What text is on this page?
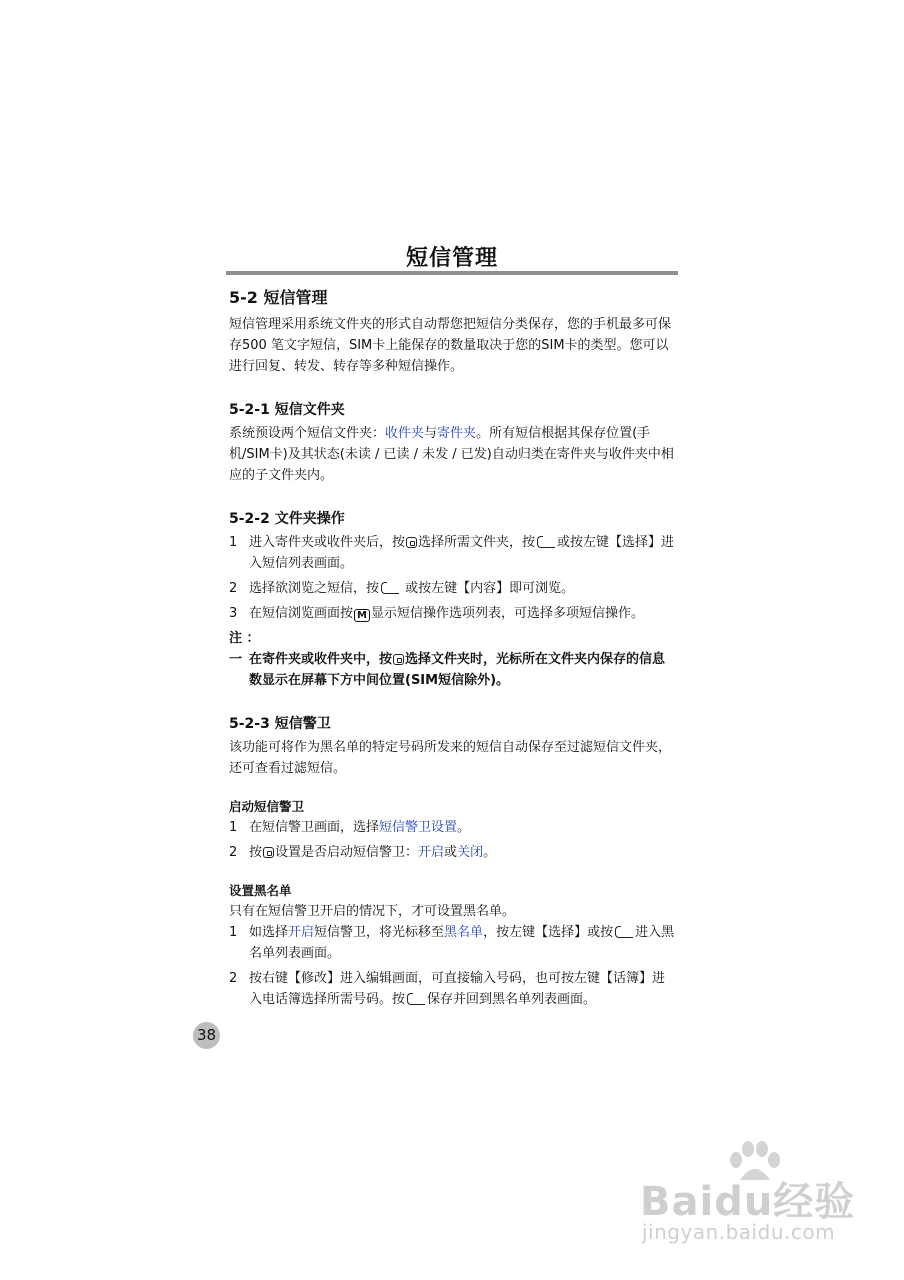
短信管理
5-2 短信管理

短信管理采用系统文件夹的形式自动帮您把短信分类保存，您的手机最多可保存500 笔文字短信，SIM卡上能保存的数量取决于您的SIM卡的类型。您可以进行回复、转发、转存等多种短信操作。

5-2-1 短信文件夹

系统预设两个短信文件夹：收件夹与寄件夹。所有短信根据其保存位置(手机/SIM卡)及其状态(未读 / 已读 / 未发 / 已发)自动归类在寄件夹与收件夹中相应的子文件夹内。

5-2-2 文件夹操作
1 进入寄件夹或收件夹后，按 选择所需文件夹，按 或按左键【选择】进入短信列表画面。
2 选择欲浏览之短信，按 或按左键【内容】即可浏览。
3 在短信浏览画面按 M 显示短信操作选项列表，可选择多项短信操作。
注 ：
一 在寄件夹或收件夹中，按 选择文件夹时，光标所在文件夹内保存的信息数显示在屏幕下方中间位置(SIM短信除外)。
5-2-3 短信警卫

该功能可将作为黑名单的特定号码所发来的短信自动保存至过滤短信文件夹，还可查看过滤短信。

启动短信警卫
1 在短信警卫画面，选择短信警卫设置。
2 按 设置是否启动短信警卫：开启或关闭。
设置黑名单

只有在短信警卫开启的情况下，才可设置黑名单。

1 如选择开启短信警卫，将光标移至黑名单，按左键【选择】或按 进入黑名单列表画面。
2 按右键【修改】进入编辑画面，可直接输入号码，也可按左键【话簿】进入电话簿选择所需号码。按 保存并回到黑名单列表画面。
38
Baidu经验
jingyan.baidu.com
